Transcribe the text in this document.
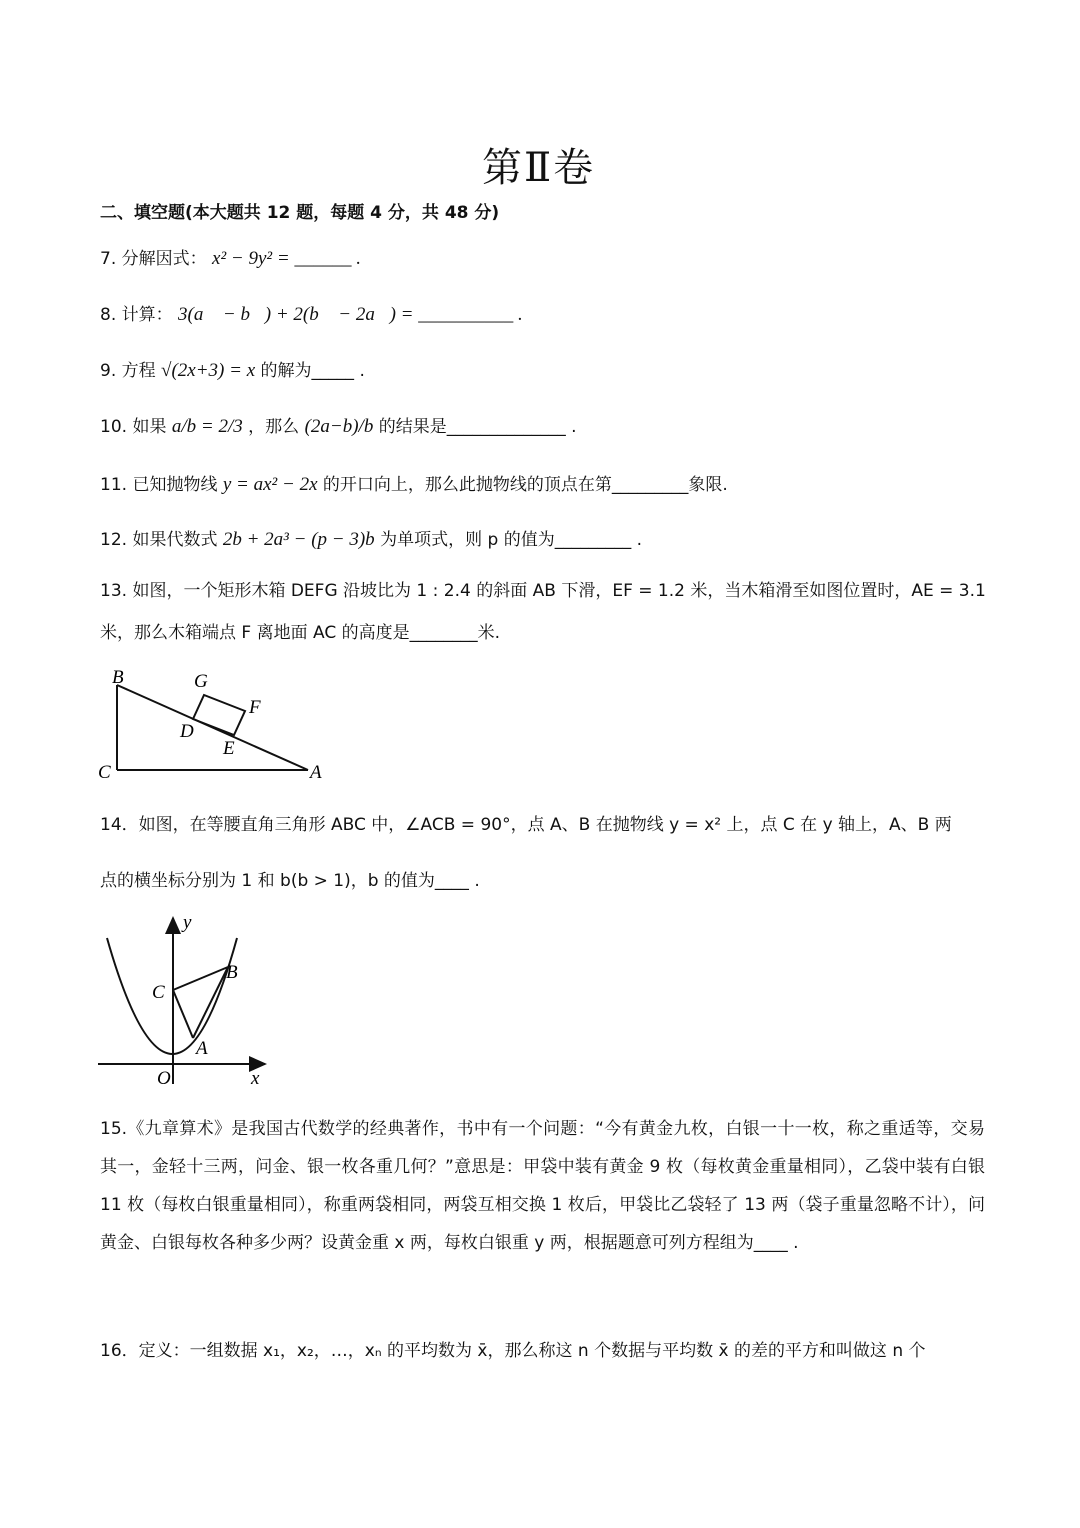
第Ⅱ卷
二、填空题(本大题共 12 题，每题 4 分，共 48 分)
7. 分解因式： x² − 9y² = ______ .
8. 计算： 3(a⃗ − b⃗) + 2(b⃗ − 2a⃗) = __________ .
9. 方程 √(2x+3) = x 的解为_____ .
10. 如果 a/b = 2/3 ，那么 (2a−b)/b 的结果是______________ .
11. 已知抛物线 y = ax² − 2x 的开口向上，那么此抛物线的顶点在第_________象限.
12. 如果代数式 2b + 2a³ − (p − 3)b 为单项式，则 p 的值为_________ .
13. 如图，一个矩形木箱 DEFG 沿坡比为 1 : 2.4 的斜面 AB 下滑，EF = 1.2 米，当木箱滑至如图位置时，AE = 3.1
米，那么木箱端点 F 离地面 AC 的高度是________米.
B	G
F
D
E
C	A
14．如图，在等腰直角三角形 ABC 中，∠ACB = 90°，点 A、B 在抛物线 y = x² 上，点 C 在 y 轴上，A、B 两
点的横坐标分别为 1 和 b(b > 1)，b 的值为____ .
y
x
O
C
B
A
15.《九章算术》是我国古代数学的经典著作，书中有一个问题：“今有黄金九枚，白银一十一枚，称之重适等，交易其一，金轻十三两，问金、银一枚各重几何？”意思是：甲袋中装有黄金 9 枚（每枚黄金重量相同），乙袋中装有白银 11 枚（每枚白银重量相同），称重两袋相同，两袋互相交换 1 枚后，甲袋比乙袋轻了 13 两（袋子重量忽略不计），问黄金、白银每枚各种多少两？设黄金重 x 两，每枚白银重 y 两，根据题意可列方程组为____ .
16．定义：一组数据 x₁，x₂，…，xₙ 的平均数为 x̄，那么称这 n 个数据与平均数 x̄ 的差的平方和叫做这 n 个
